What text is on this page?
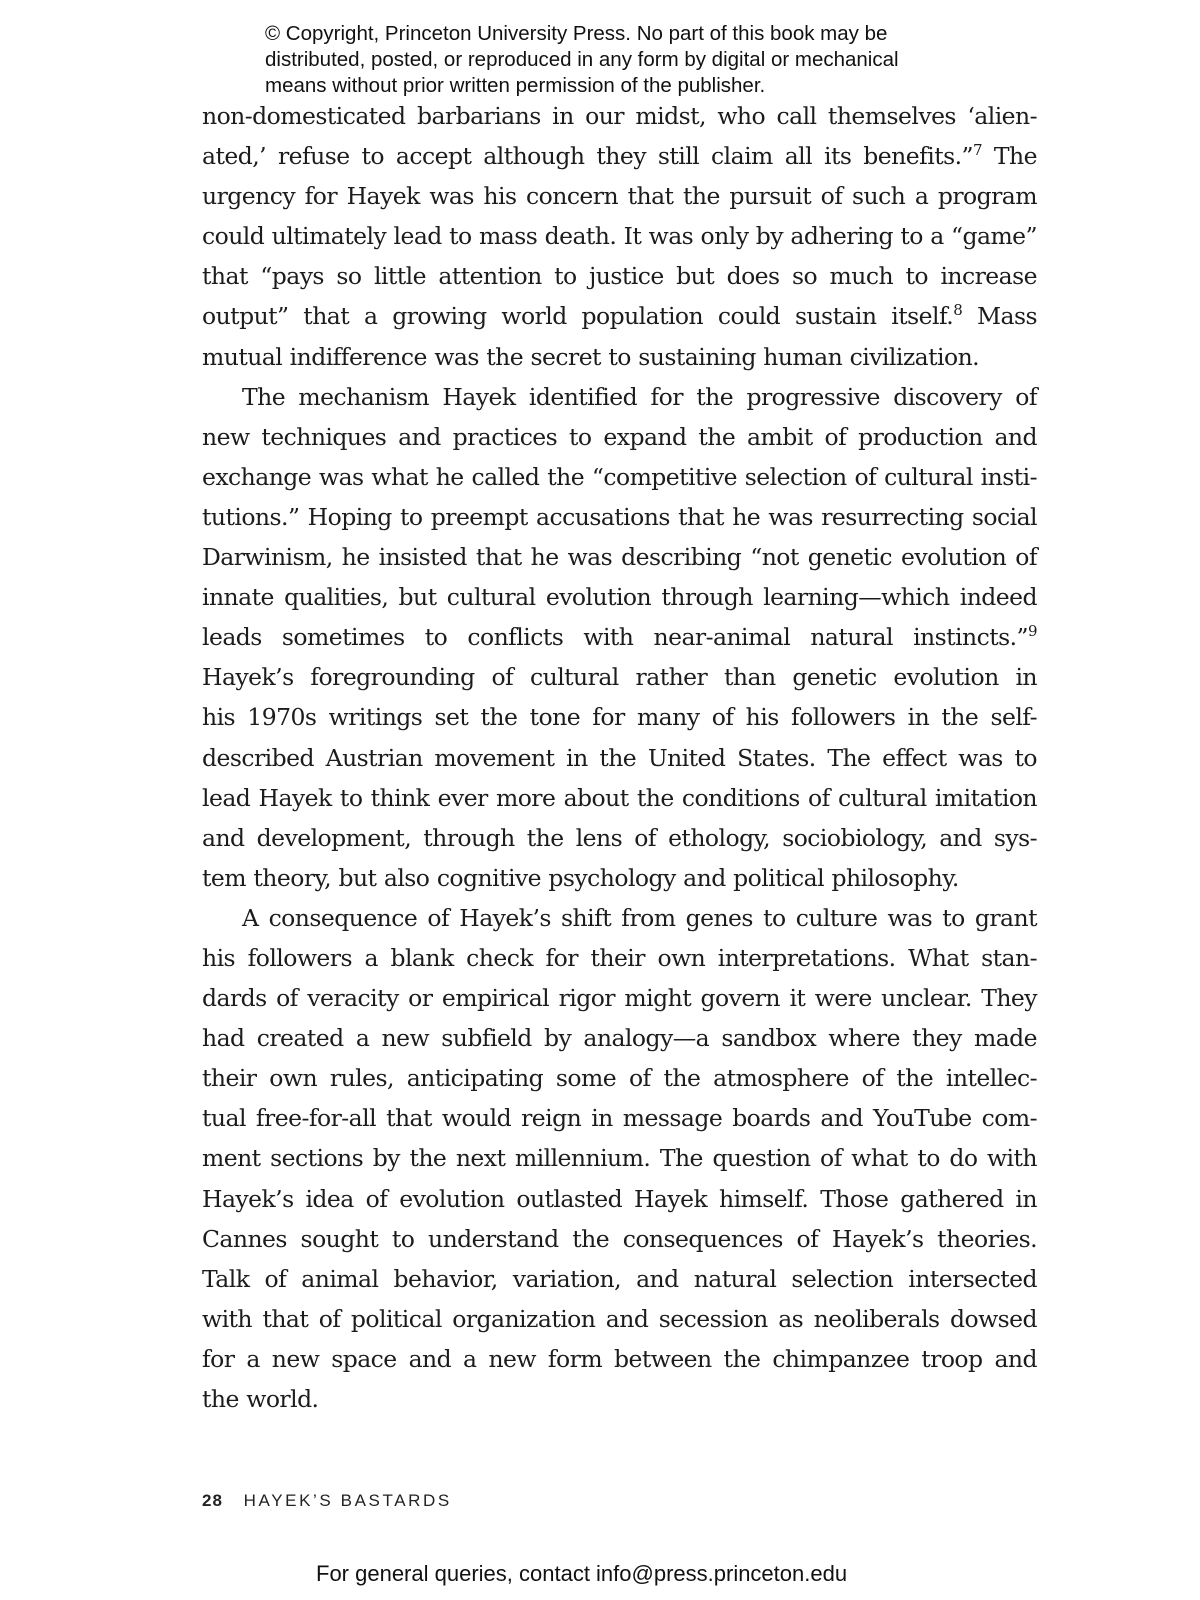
© Copyright, Princeton University Press. No part of this book may be
distributed, posted, or reproduced in any form by digital or mechanical
means without prior written permission of the publisher.
non-domesticated barbarians in our midst, who call themselves ‘alien-
ated,’ refuse to accept although they still claim all its benefits.”$^7$ The
urgency for Hayek was his concern that the pursuit of such a program
could ultimately lead to mass death. It was only by adhering to a “game”
that “pays so little attention to justice but does so much to increase
output” that a growing world population could sustain itself.$^8$ Mass
mutual indifference was the secret to sustaining human civilization.
The mechanism Hayek identified for the progressive discovery of
new techniques and practices to expand the ambit of production and
exchange was what he called the “competitive selection of cultural insti-
tutions.” Hoping to preempt accusations that he was resurrecting social
Darwinism, he insisted that he was describing “not genetic evolution of
innate qualities, but cultural evolution through learning—which indeed
leads sometimes to conflicts with near-animal natural instincts.”$^9$
Hayek’s foregrounding of cultural rather than genetic evolution in
his 1970s writings set the tone for many of his followers in the self-
described Austrian movement in the United States. The effect was to
lead Hayek to think ever more about the conditions of cultural imitation
and development, through the lens of ethology, sociobiology, and sys-
tem theory, but also cognitive psychology and political philosophy.
A consequence of Hayek’s shift from genes to culture was to grant
his followers a blank check for their own interpretations. What stan-
dards of veracity or empirical rigor might govern it were unclear. They
had created a new subfield by analogy—a sandbox where they made
their own rules, anticipating some of the atmosphere of the intellec-
tual free-for-all that would reign in message boards and YouTube com-
ment sections by the next millennium. The question of what to do with
Hayek’s idea of evolution outlasted Hayek himself. Those gathered in
Cannes sought to understand the consequences of Hayek’s theories.
Talk of animal behavior, variation, and natural selection intersected
with that of political organization and secession as neoliberals dowsed
for a new space and a new form between the chimpanzee troop and
the world.
28 HAYEK’S BASTARDS
For general queries, contact info@press.princeton.edu
